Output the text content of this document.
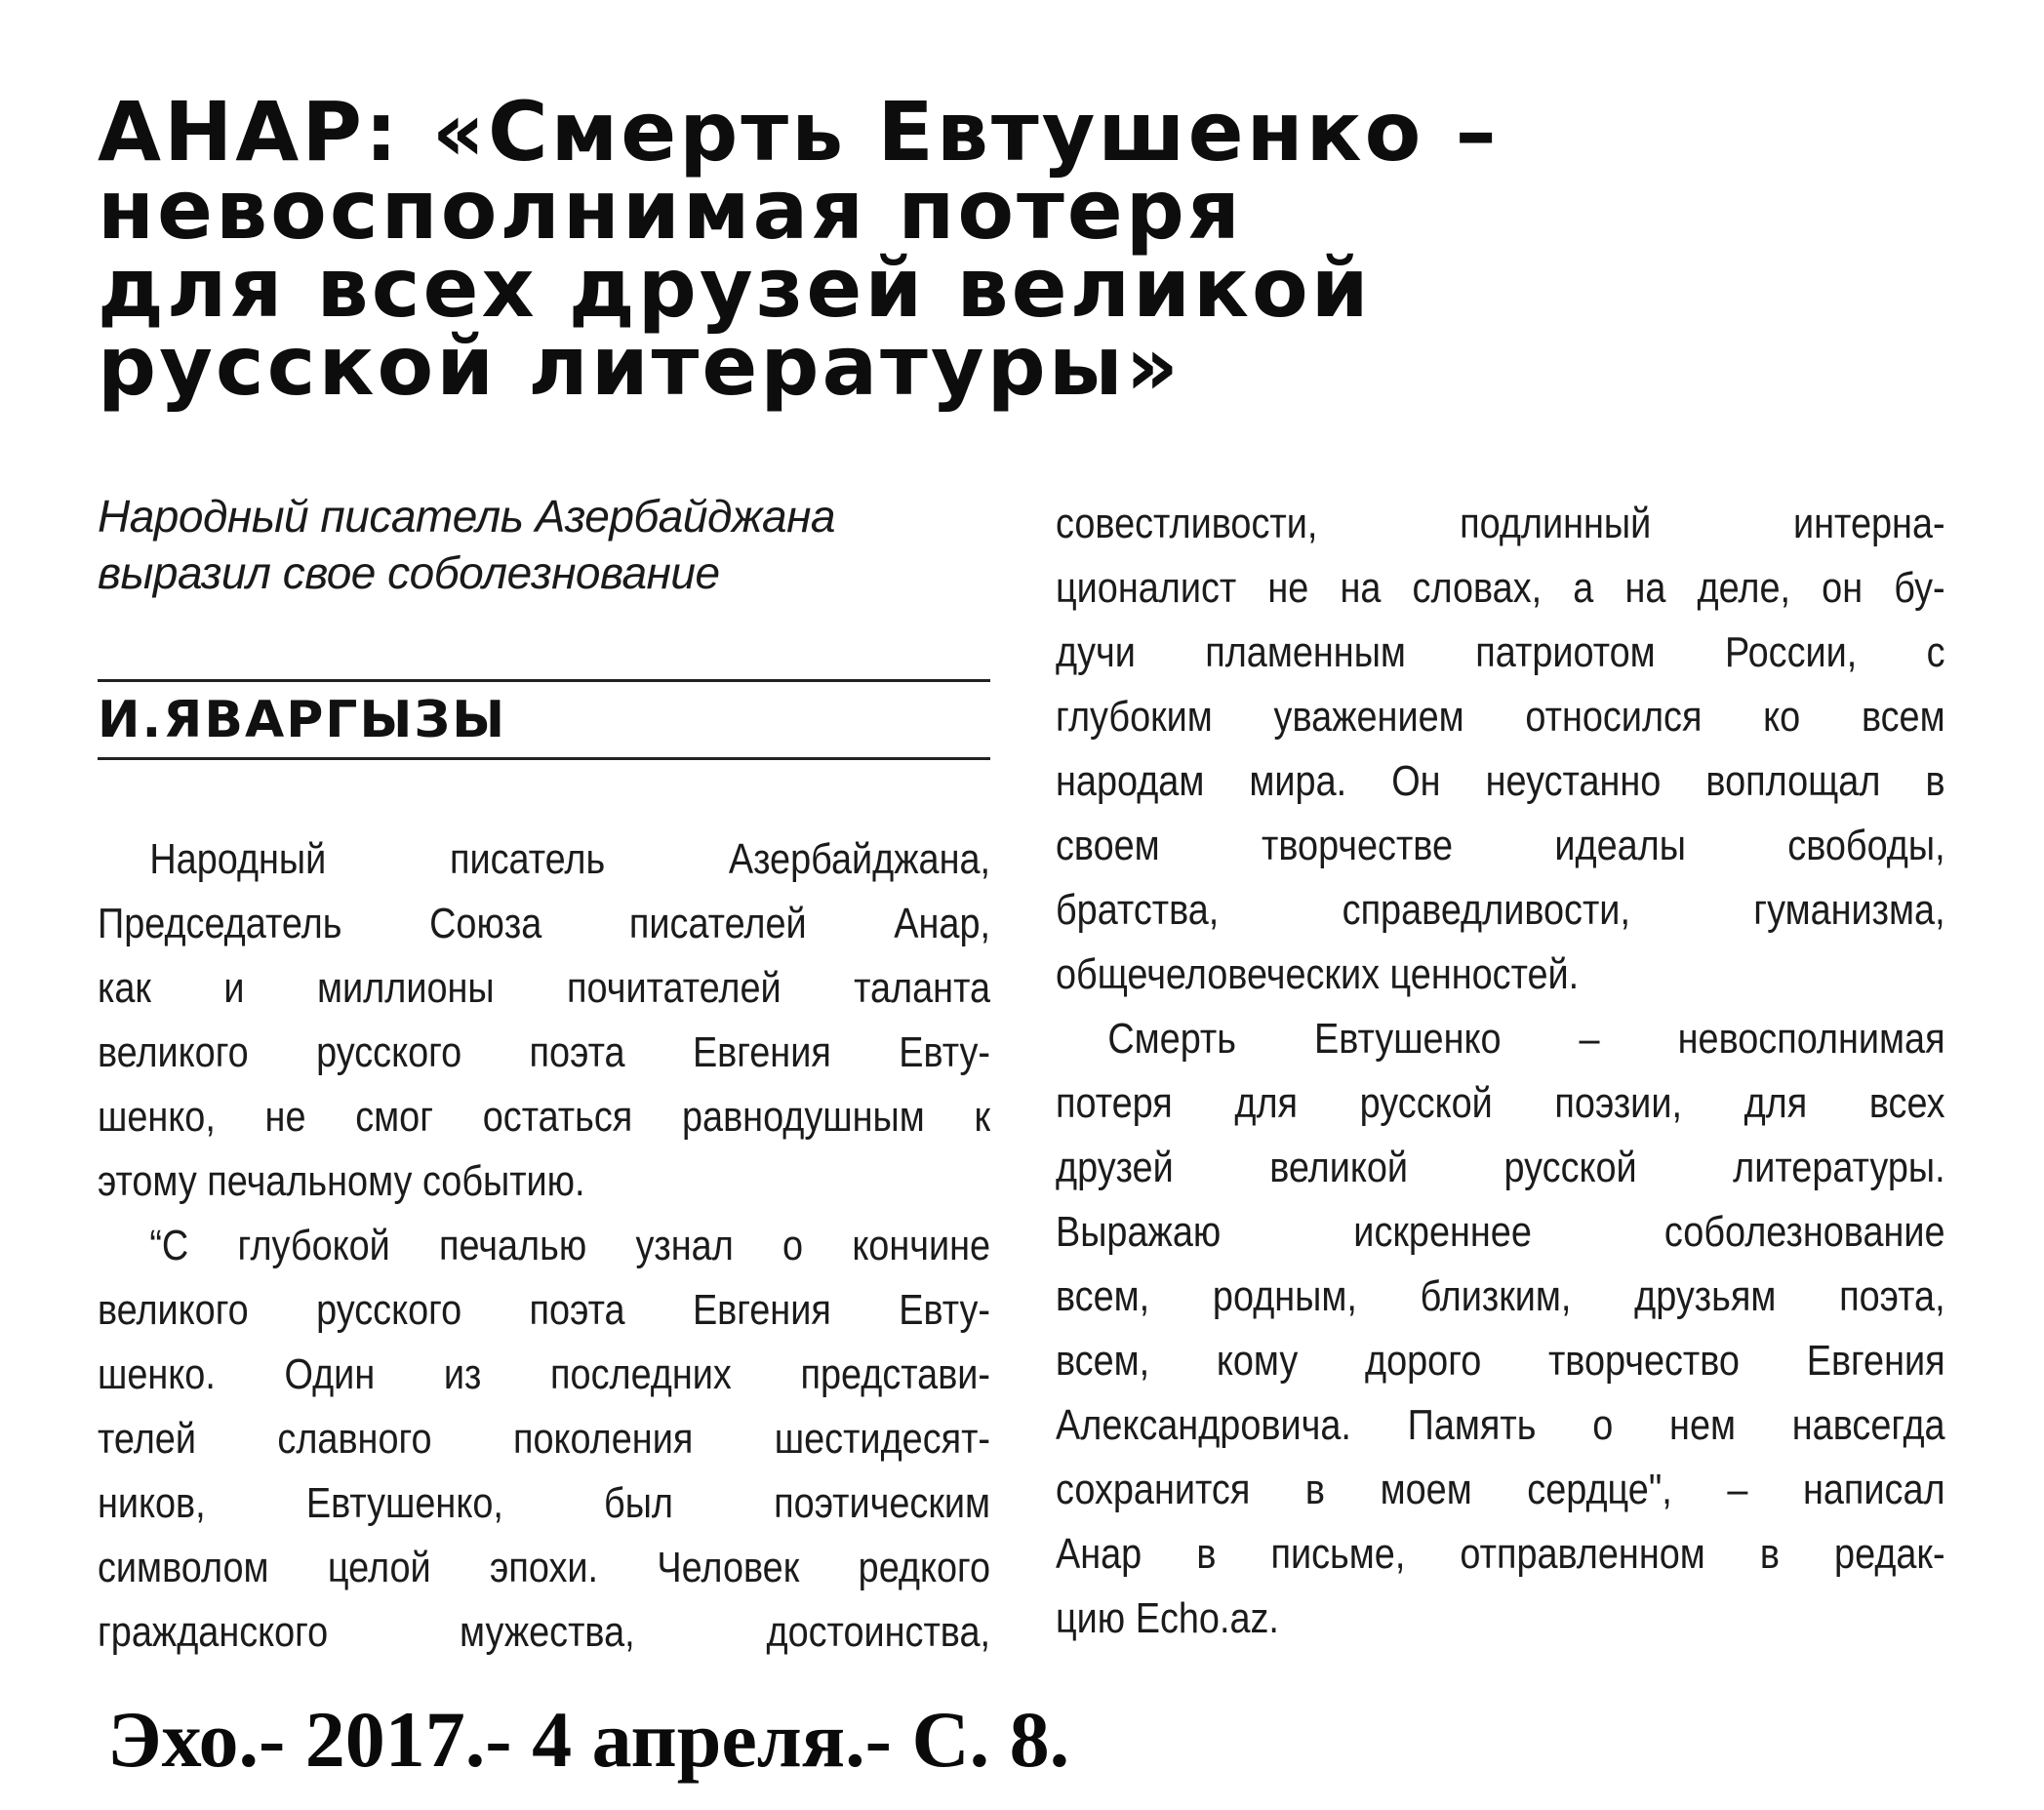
АНАР: «Смерть Евтушенко –
невосполнимая потеря
для всех друзей великой
русской литературы»
Народный писатель Азербайджана
выразил свое соболезнование
И.ЯВАРГЫЗЫ
Народный писатель Азербайджана,
Председатель Союза писателей Анар,
как и миллионы почитателей таланта
великого русского поэта Евгения Евту-
шенко, не смог остаться равнодушным к
этому печальному событию.
“С глубокой печалью узнал о кончине
великого русского поэта Евгения Евту-
шенко. Один из последних представи-
телей славного поколения шестидесят-
ников, Евтушенко, был поэтическим
символом целой эпохи. Человек редкого
гражданского мужества, достоинства,
совестливости, подлинный интерна-
ционалист не на словах, а на деле, он бу-
дучи пламенным патриотом России, с
глубоким уважением относился ко всем
народам мира. Он неустанно воплощал в
своем творчестве идеалы свободы,
братства, справедливости, гуманизма,
общечеловеческих ценностей.
Смерть Евтушенко – невосполнимая
потеря для русской поэзии, для всех
друзей великой русской литературы.
Выражаю искреннее соболезнование
всем, родным, близким, друзьям поэта,
всем, кому дорого творчество Евгения
Александровича. Память о нем навсегда
сохранится в моем сердце", – написал
Анар в письме, отправленном в редак-
цию Echo.az.
Эхо.- 2017.- 4 апреля.- С. 8.
